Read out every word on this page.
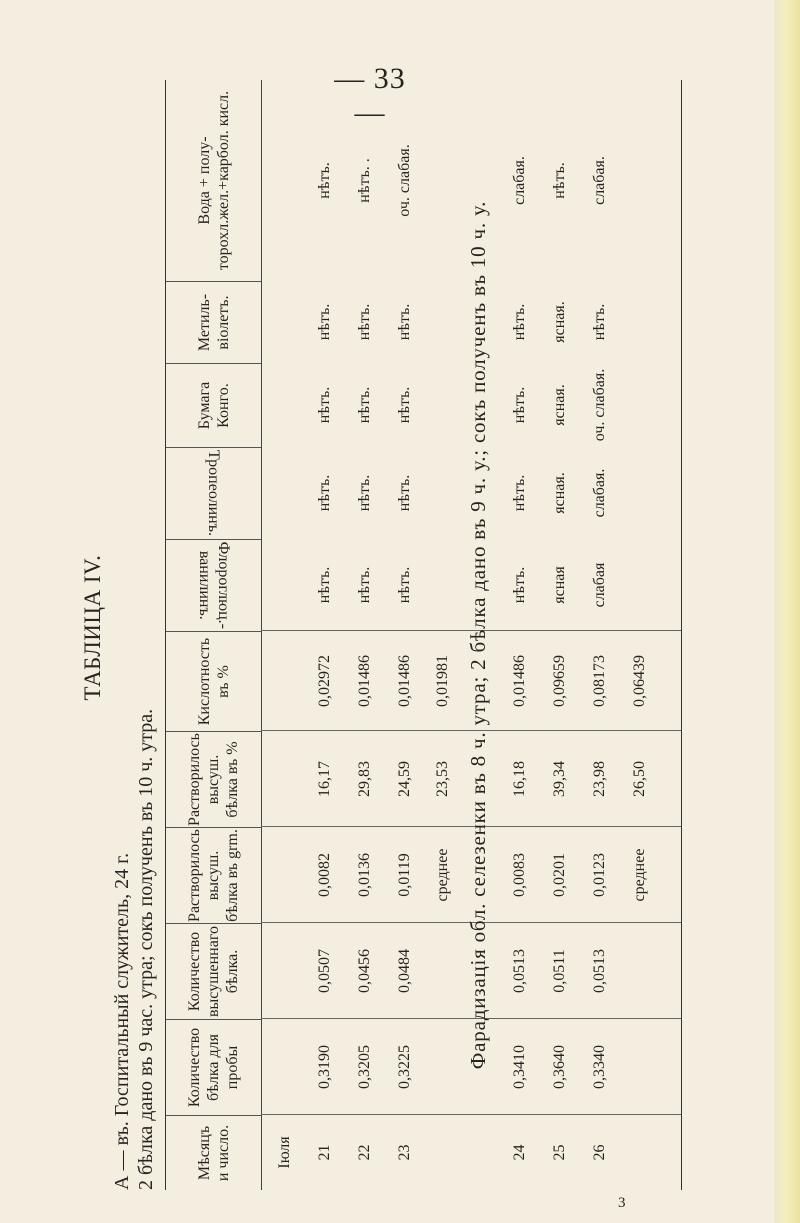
— 33 —
ТАБЛИЦА IV.
А — въ. Госпитальный служитель, 24 г. 2 бѣлка дано въ 9 час. утра; сокъ полученъ въ 10 ч. утра.	Мѣсяцъ и число.
Количество бѣлка для пробы
Количество высушеннаго бѣлка.
Растворилось высуш. бѣлка въ grm.
Растворилось высуш. бѣлка въ %
Кислотность въ %
Флороглюц.-ванилинъ.
Тропеолинъ.
Бумага Конго.
Метиль-віолетъ.
Вода + полу-торохл.жел.+карбол. кисл.
Іюля 21
0,3190
0,0507
0,0082
16,17
0,02972
нѣтъ.
нѣтъ.
нѣтъ.
нѣтъ.
нѣтъ.
22
0,3205
0,0456
0,0136
29,83
0,01486
нѣтъ.
нѣтъ.
нѣтъ.
нѣтъ.
нѣтъ. .
23
0,3225
0,0484
0,0119
24,59
0,01486
нѣтъ.
нѣтъ.
нѣтъ.
нѣтъ.
оч. слабая.
среднее
23,53
0,01981 Фарадизація обл. селезенки въ 8 ч. утра; 2 бѣлка дано въ 9 ч. у.; сокъ полученъ въ 10 ч. у.
24
0,3410
0,0513
0,0083
16,18
0,01486
нѣтъ.
нѣтъ.
нѣтъ.
нѣтъ.
слабая.
25
0,3640
0,0511
0,0201
39,34
0,09659
ясная
ясная.
ясная.
ясная.
нѣтъ.
26
0,3340
0,0513
0,0123
23,98
0,08173
слабая
слабая.
оч. слабая.
нѣтъ.
слабая.
среднее
26,50
0,06439
3
